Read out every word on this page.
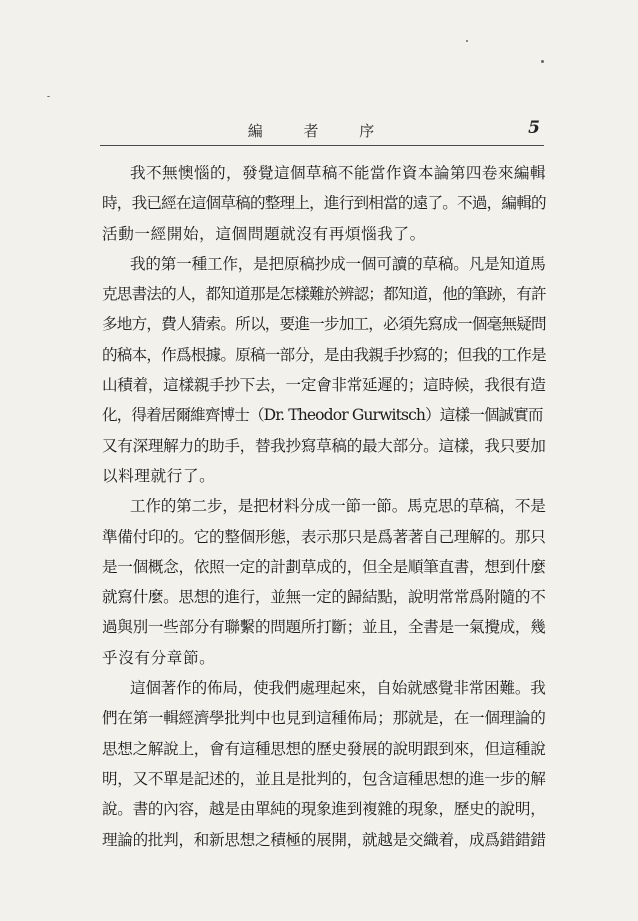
編 者 序	5
我不無懊惱的，發覺這個草稿不能當作資本論第四卷來編輯
時，我已經在這個草稿的整理上，進行到相當的遠了。不過，編輯的
活動一經開始，這個問題就沒有再煩惱我了。
我的第一種工作，是把原稿抄成一個可讀的草稿。凡是知道馬
克思書法的人，都知道那是怎樣難於辨認；都知道，他的筆跡，有許
多地方，費人猜索。所以，要進一步加工，必須先寫成一個毫無疑問
的稿本，作爲根據。原稿一部分，是由我親手抄寫的；但我的工作是
山積着，這樣親手抄下去，一定會非常延遲的；這時候，我很有造
化，得着居爾維齊博士（Dr. Theodor Gurwitsch）這樣一個誠實而
又有深理解力的助手，替我抄寫草稿的最大部分。這樣，我只要加
以料理就行了。
工作的第二步，是把材料分成一節一節。馬克思的草稿，不是
準備付印的。它的整個形態，表示那只是爲著著自己理解的。那只
是一個概念，依照一定的計劃草成的，但全是順筆直書，想到什麼
就寫什麼。思想的進行，並無一定的歸結點，說明常常爲附隨的不
過與別一些部分有聯繫的問題所打斷；並且，全書是一氣攪成，幾
乎沒有分章節。
這個著作的佈局，使我們處理起來，自始就感覺非常困難。我
們在第一輯經濟學批判中也見到這種佈局；那就是，在一個理論的
思想之解說上，會有這種思想的歷史發展的說明跟到來，但這種說
明，又不單是記述的，並且是批判的，包含這種思想的進一步的解
說。書的內容，越是由單純的現象進到複雜的現象，歷史的說明，
理論的批判，和新思想之積極的展開，就越是交織着，成爲錯錯錯
